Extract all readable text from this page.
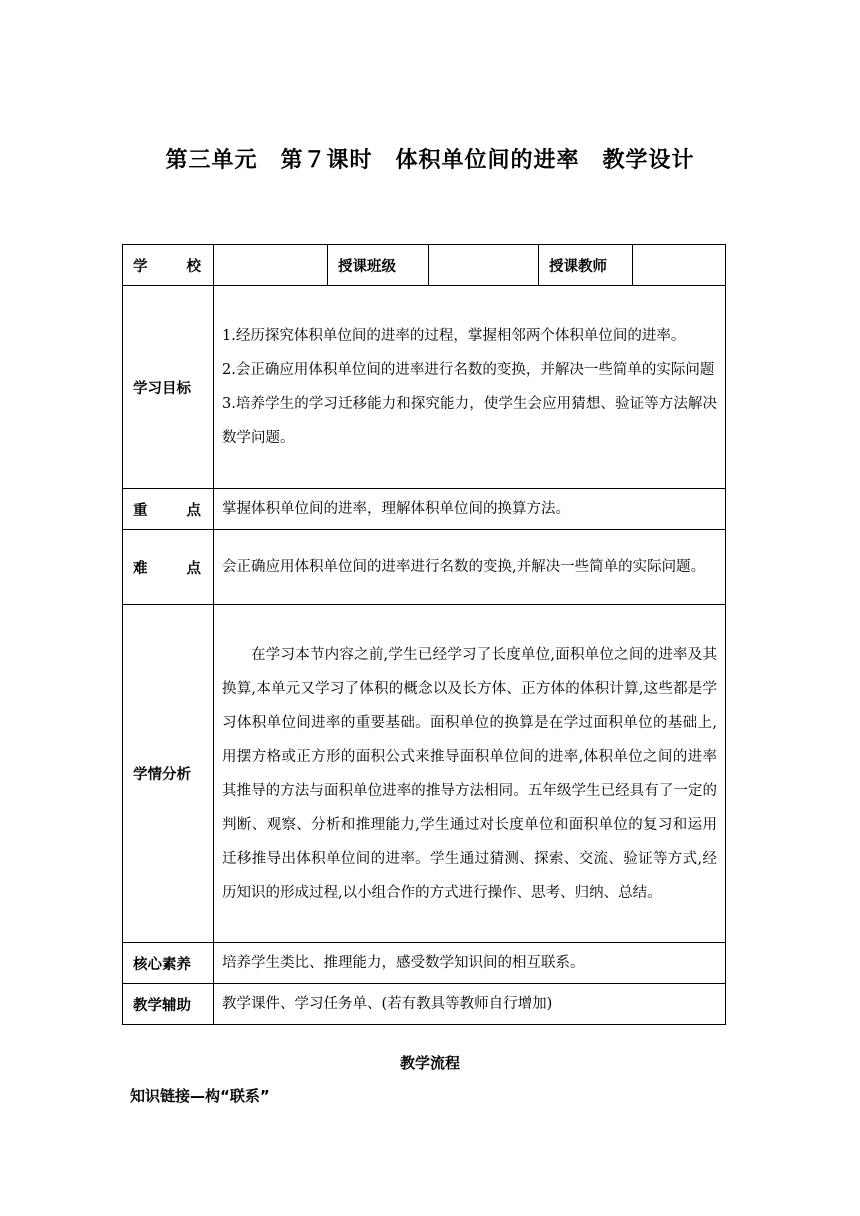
第三单元　第７课时　体积单位间的进率　教学设计
学 校		授课班级		授课教师	
学习目标	1.经历探究体积单位间的进率的过程，掌握相邻两个体积单位间的进率。

2.会正确应用体积单位间的进率进行名数的变换，并解决一些简单的实际问题

3.培养学生的学习迁移能力和探究能力，使学生会应用猜想、验证等方法解决数学问题。				

重 点	掌握体积单位间的进率，理解体积单位间的换算方法。				

难 点	会正确应用体积单位间的进率进行名数的变换,并解决一些简单的实际问题。				
学情分析	在学习本节内容之前,学生已经学习了长度单位,面积单位之间的进率及其换算,本单元又学习了体积的概念以及长方体、正方体的体积计算,这些都是学习体积单位间进率的重要基础。面积单位的换算是在学过面积单位的基础上,用摆方格或正方形的面积公式来推导面积单位间的进率,体积单位之间的进率其推导的方法与面积单位进率的推导方法相同。五年级学生已经具有了一定的判断、观察、分析和推理能力,学生通过对长度单位和面积单位的复习和运用迁移推导出体积单位间的进率。学生通过猜测、探索、交流、验证等方式,经历知识的形成过程,以小组合作的方式进行操作、思考、归纳、总结。				
核心素养	培养学生类比、推理能力，感受数学知识间的相互联系。				
教学辅助	教学课件、学习任务单、(若有教具等教师自行增加)				
教学流程
知识链接—构“联系”
